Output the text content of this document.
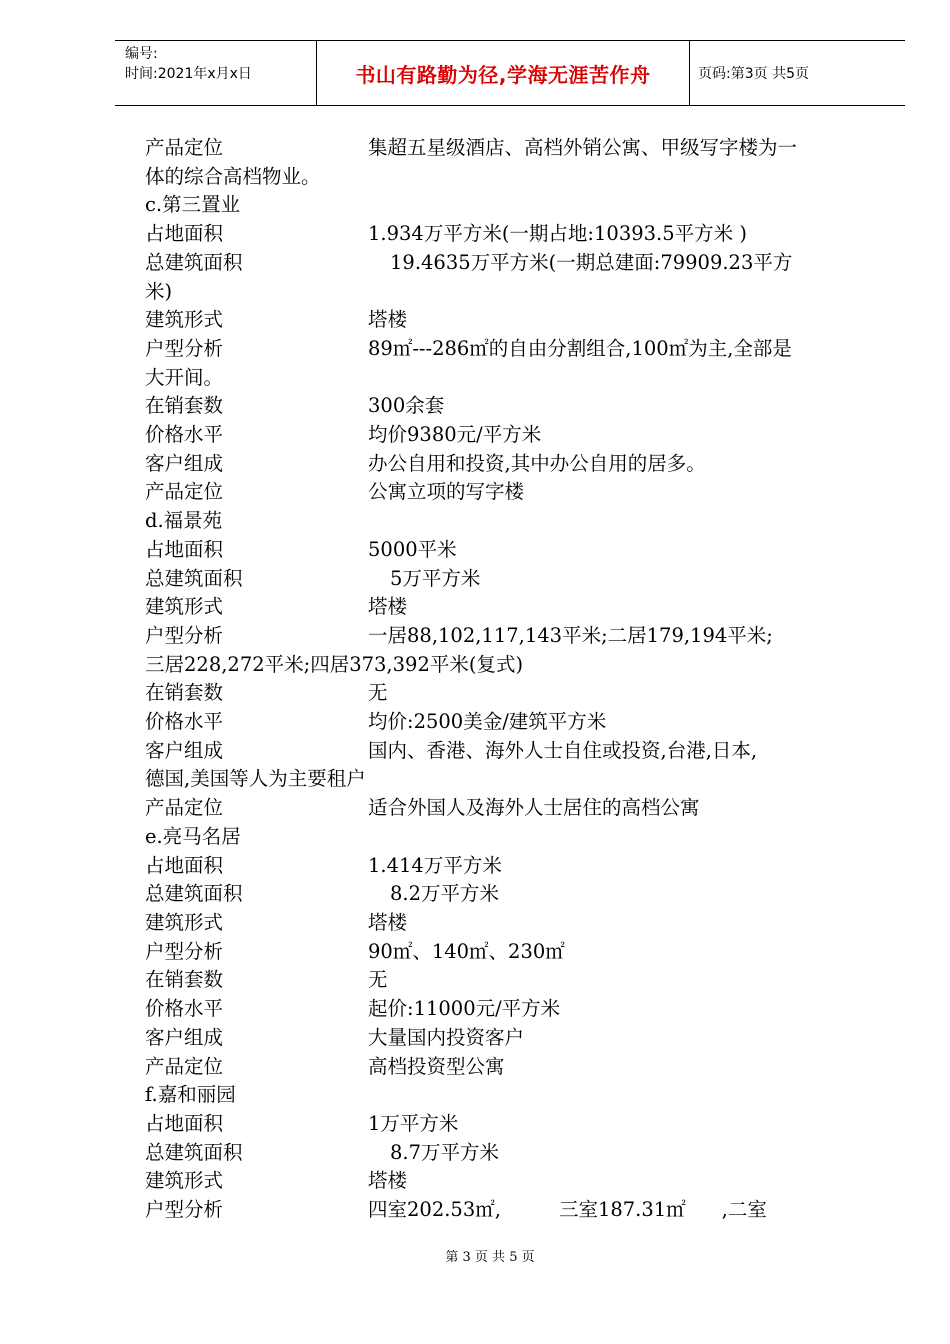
编号:
时间:2021年x月x日	书山有路勤为径,学海无涯苦作舟	页码:第3页 共5页
产品定位	集超五星级酒店、高档外销公寓、甲级写字楼为一
体的综合高档物业。
c.第三置业
占地面积	1.934万平方米(一期占地:10393.5平方米 )
总建筑面积	19.4635万平方米(一期总建面:79909.23平方
米)
建筑形式	塔楼
户型分析	89㎡---286㎡的自由分割组合,100㎡为主,全部是
大开间。
在销套数	300余套
价格水平	均价9380元/平方米
客户组成	办公自用和投资,其中办公自用的居多。
产品定位	公寓立项的写字楼
d.福景苑
占地面积	5000平米
总建筑面积	5万平方米
建筑形式	塔楼
户型分析	一居88,102,117,143平米;二居179,194平米;
三居228,272平米;四居373,392平米(复式)
在销套数	无
价格水平	均价:2500美金/建筑平方米
客户组成	国内、香港、海外人士自住或投资,台港,日本,
德国,美国等人为主要租户
产品定位	适合外国人及海外人士居住的高档公寓
e.亮马名居
占地面积	1.414万平方米
总建筑面积	8.2万平方米
建筑形式	塔楼
户型分析	90㎡、140㎡、230㎡
在销套数	无
价格水平	起价:11000元/平方米
客户组成	大量国内投资客户
产品定位	高档投资型公寓
f.嘉和丽园
占地面积	1万平方米
总建筑面积	8.7万平方米
建筑形式	塔楼
户型分析	四室202.53㎡,	三室187.31㎡ ,二室
第 3 页 共 5 页
